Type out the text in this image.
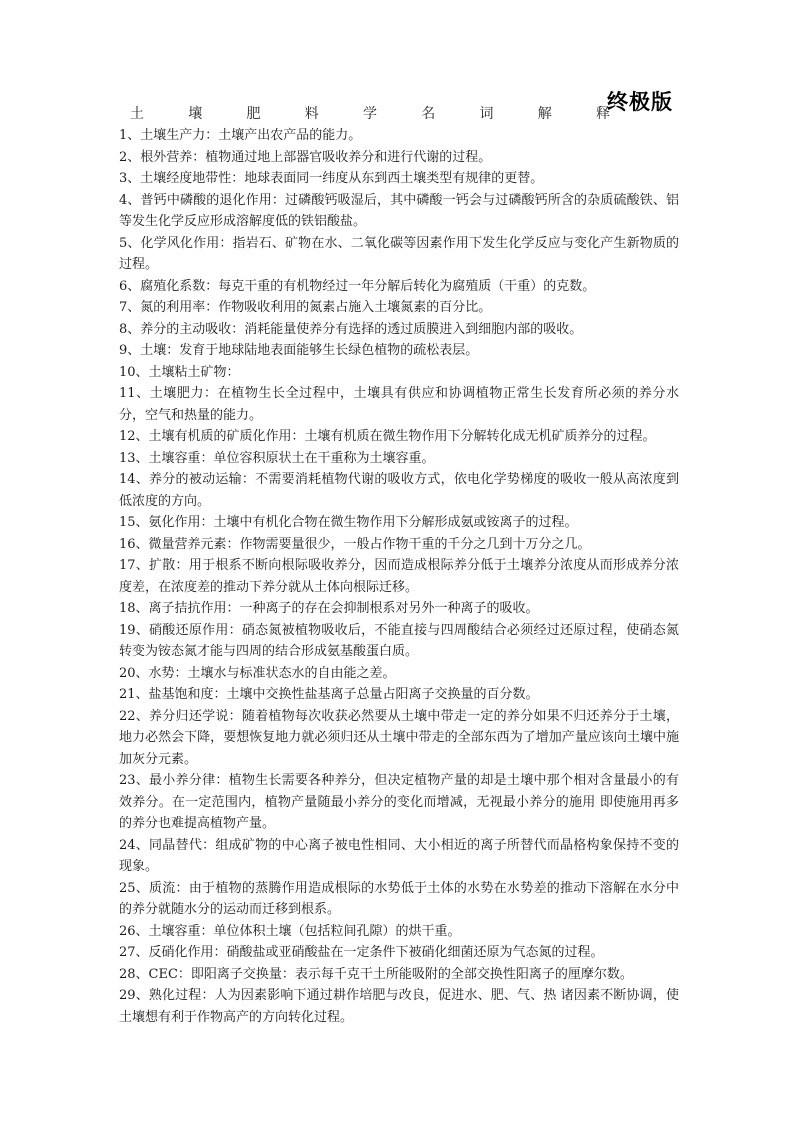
终极版
土	壤	肥	料	学	名	词	解	释

1、土壤生产力：土壤产出农产品的能力。

2、根外营养：植物通过地上部器官吸收养分和进行代谢的过程。

3、土壤经度地带性：地球表面同一纬度从东到西土壤类型有规律的更替。

4、普钙中磷酸的退化作用：过磷酸钙吸湿后，其中磷酸一钙会与过磷酸钙所含的杂质硫酸铁、铝等发生化学反应形成溶解度低的铁铝酸盐。

5、化学风化作用：指岩石、矿物在水、二氧化碳等因素作用下发生化学反应与变化产生新物质的过程。

6、腐殖化系数：每克干重的有机物经过一年分解后转化为腐殖质（干重）的克数。

7、氮的利用率：作物吸收利用的氮素占施入土壤氮素的百分比。

8、养分的主动吸收：消耗能量使养分有选择的透过质膜进入到细胞内部的吸收。

9、土壤：发育于地球陆地表面能够生长绿色植物的疏松表层。

10、土壤粘土矿物：

11、土壤肥力：在植物生长全过程中，土壤具有供应和协调植物正常生长发育所必须的养分水分，空气和热量的能力。

12、土壤有机质的矿质化作用：土壤有机质在微生物作用下分解转化成无机矿质养分的过程。

13、土壤容重：单位容积原状土在干重称为土壤容重。

14、养分的被动运输：不需要消耗植物代谢的吸收方式，依电化学势梯度的吸收一般从高浓度到低浓度的方向。

15、氨化作用：土壤中有机化合物在微生物作用下分解形成氨或铵离子的过程。

16、微量营养元素：作物需要量很少，一般占作物干重的千分之几到十万分之几。

17、扩散：用于根系不断向根际吸收养分，因而造成根际养分低于土壤养分浓度从而形成养分浓度差，在浓度差的推动下养分就从土体向根际迁移。

18、离子拮抗作用：一种离子的存在会抑制根系对另外一种离子的吸收。

19、硝酸还原作用：硝态氮被植物吸收后，不能直接与四周酸结合必须经过还原过程，使硝态氮转变为铵态氮才能与四周的结合形成氨基酸蛋白质。

20、水势：土壤水与标准状态水的自由能之差。

21、盐基饱和度：土壤中交换性盐基离子总量占阳离子交换量的百分数。

22、养分归还学说：随着植物每次收获必然要从土壤中带走一定的养分如果不归还养分于土壤，地力必然会下降，要想恢复地力就必须归还从土壤中带走的全部东西为了增加产量应该向土壤中施加灰分元素。

23、最小养分律：植物生长需要各种养分，但决定植物产量的却是土壤中那个相对含量最小的有效养分。在一定范围内，植物产量随最小养分的变化而增减，无视最小养分的施用 即使施用再多的养分也难提高植物产量。

24、同晶替代：组成矿物的中心离子被电性相同、大小相近的离子所替代而晶格构象保持不变的现象。

25、质流：由于植物的蒸腾作用造成根际的水势低于土体的水势在水势差的推动下溶解在水分中的养分就随水分的运动而迁移到根系。

26、土壤容重：单位体积土壤（包括粒间孔隙）的烘干重。

27、反硝化作用：硝酸盐或亚硝酸盐在一定条件下被硝化细菌还原为气态氮的过程。

28、CEC：即阳离子交换量：表示每千克干土所能吸附的全部交换性阳离子的厘摩尔数。

29、熟化过程：人为因素影响下通过耕作培肥与改良，促进水、肥、气、热 诸因素不断协调，使土壤想有利于作物高产的方向转化过程。
